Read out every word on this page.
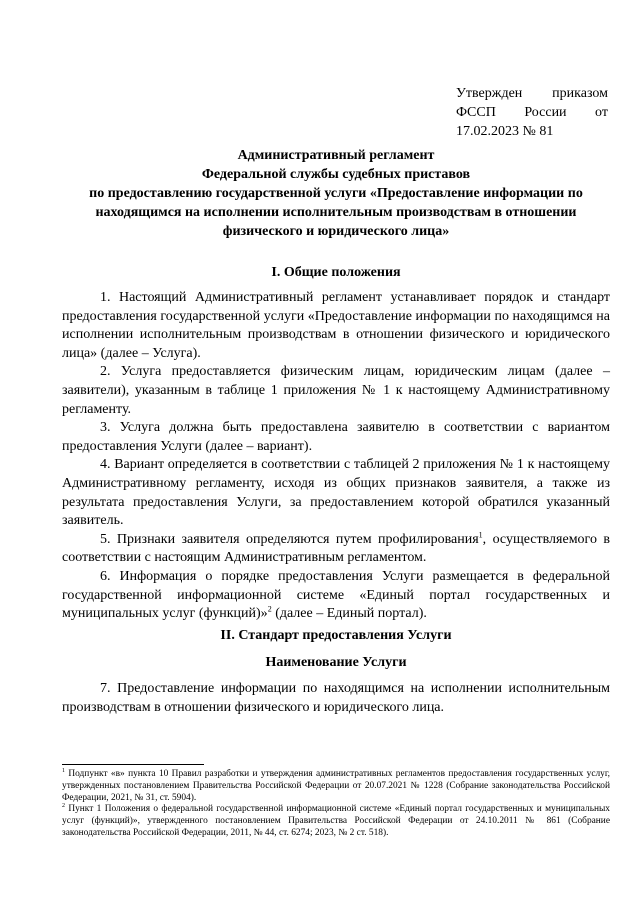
Утвержден приказом
ФССП России от
17.02.2023 № 81
Административный регламент
Федеральной службы судебных приставов
по предоставлению государственной услуги «Предоставление информации по
находящимся на исполнении исполнительным производствам в отношении
физического и юридического лица»
I. Общие положения

1. Настоящий Административный регламент устанавливает порядок и стандарт предоставления государственной услуги «Предоставление информации по находящимся на исполнении исполнительным производствам в отношении физического и юридического лица» (далее – Услуга).

2. Услуга предоставляется физическим лицам, юридическим лицам (далее – заявители), указанным в таблице 1 приложения № 1 к настоящему Административному регламенту.

3. Услуга должна быть предоставлена заявителю в соответствии с вариантом предоставления Услуги (далее – вариант).

4. Вариант определяется в соответствии с таблицей 2 приложения № 1 к настоящему Административному регламенту, исходя из общих признаков заявителя, а также из результата предоставления Услуги, за предоставлением которой обратился указанный заявитель.

5. Признаки заявителя определяются путем профилирования$^1$, осуществляемого в соответствии с настоящим Административным регламентом.

6. Информация о порядке предоставления Услуги размещается в федеральной государственной информационной системе «Единый портал государственных и муниципальных услуг (функций)»$^2$ (далее – Единый портал).

II. Стандарт предоставления Услуги
Наименование Услуги

7. Предоставление информации по находящимся на исполнении исполнительным производствам в отношении физического и юридического лица.

$^1$ Подпункт «в» пункта 10 Правил разработки и утверждения административных регламентов предоставления государственных услуг, утвержденных постановлением Правительства Российской Федерации от 20.07.2021 № 1228 (Собрание законодательства Российской Федерации, 2021, № 31, ст. 5904).

$^2$ Пункт 1 Положения о федеральной государственной информационной системе «Единый портал государственных и муниципальных услуг (функций)», утвержденного постановлением Правительства Российской Федерации от 24.10.2011 № 861 (Собрание законодательства Российской Федерации, 2011, № 44, ст. 6274; 2023, № 2 ст. 518).
